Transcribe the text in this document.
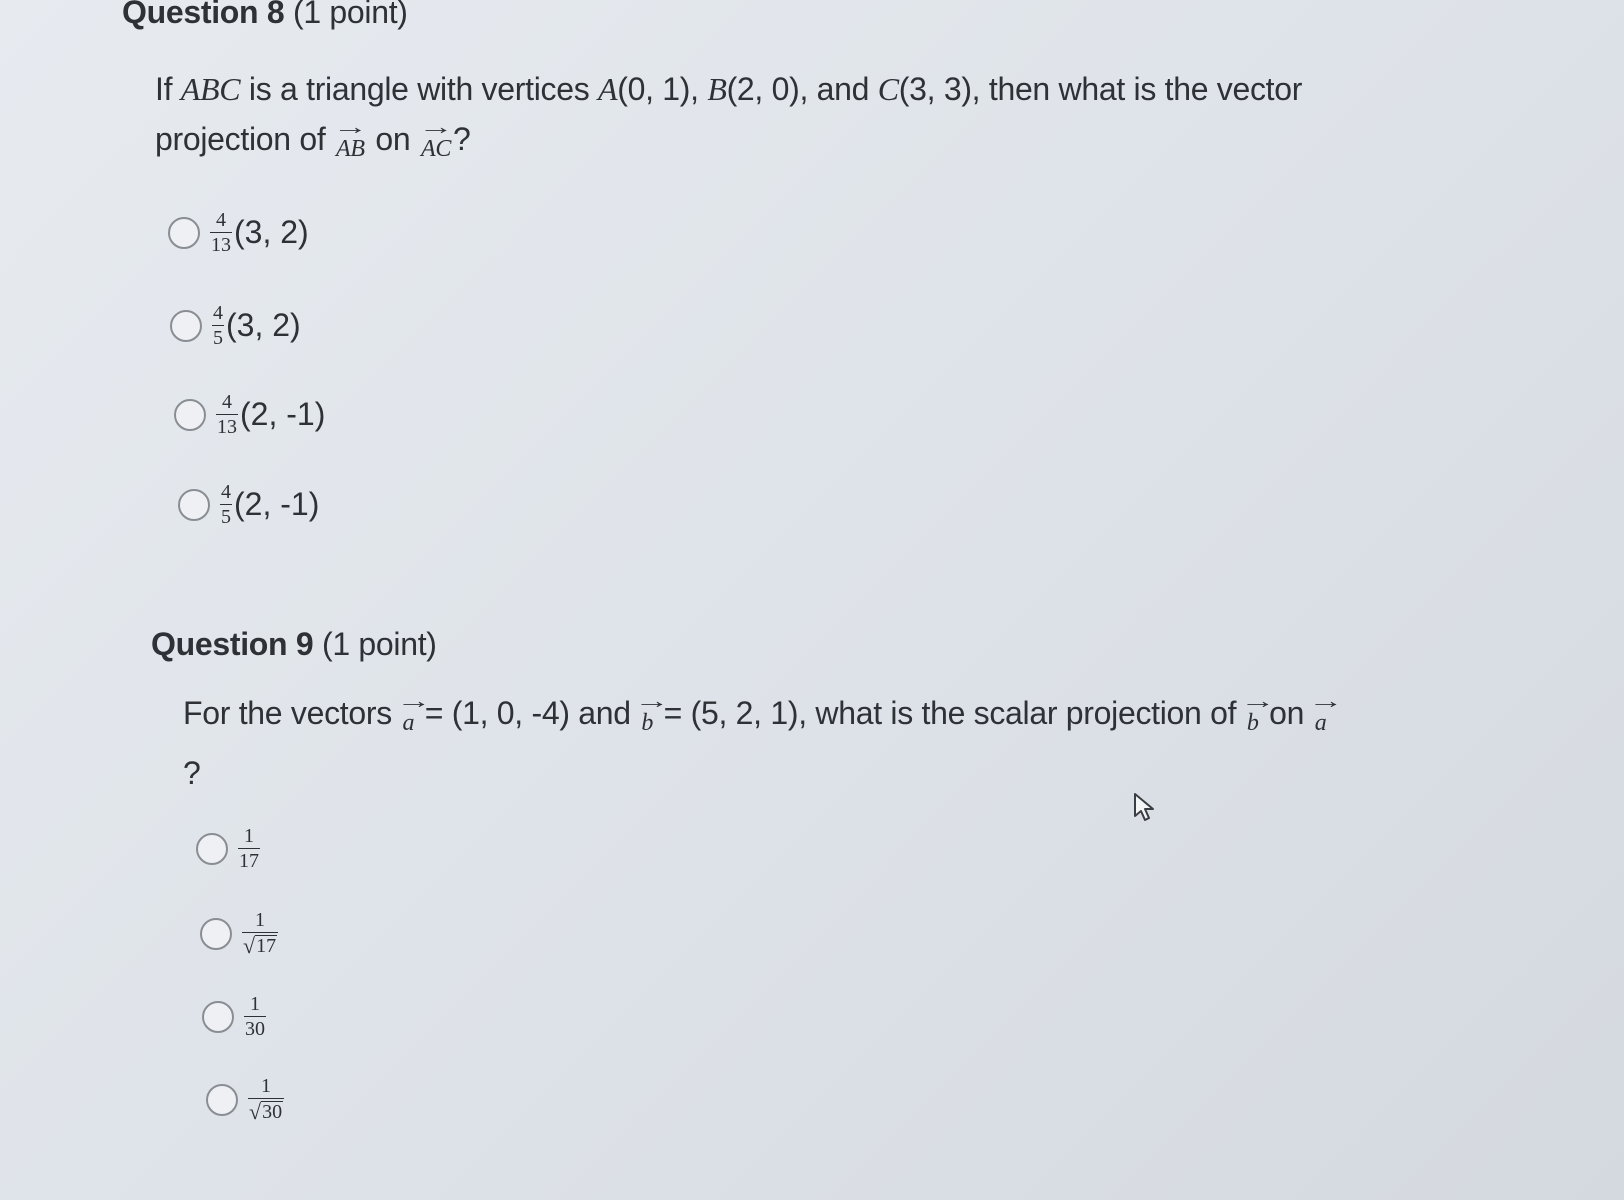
Question 8 (1 point)
If ABC is a triangle with vertices A(0, 1), B(2, 0), and C(3, 3), then what is the vector
projection of → AB on → AC?
$\frac{4}{13} (3$, 2)
$\frac{4}{5} (3$, 2)
$\frac{4}{13} (2$, -1)
$\frac{4}{5} (2$, -1)
Question 9 (1 point)
For the vectors → a = (1, 0, -4) and → b = (5, 2, 1), what is the scalar projection of → b on → a
?
$\frac{1}{17}$
$\frac{1}{√ 17}$
$\frac{1}{30}$
$\frac{1}{√ 30}$
